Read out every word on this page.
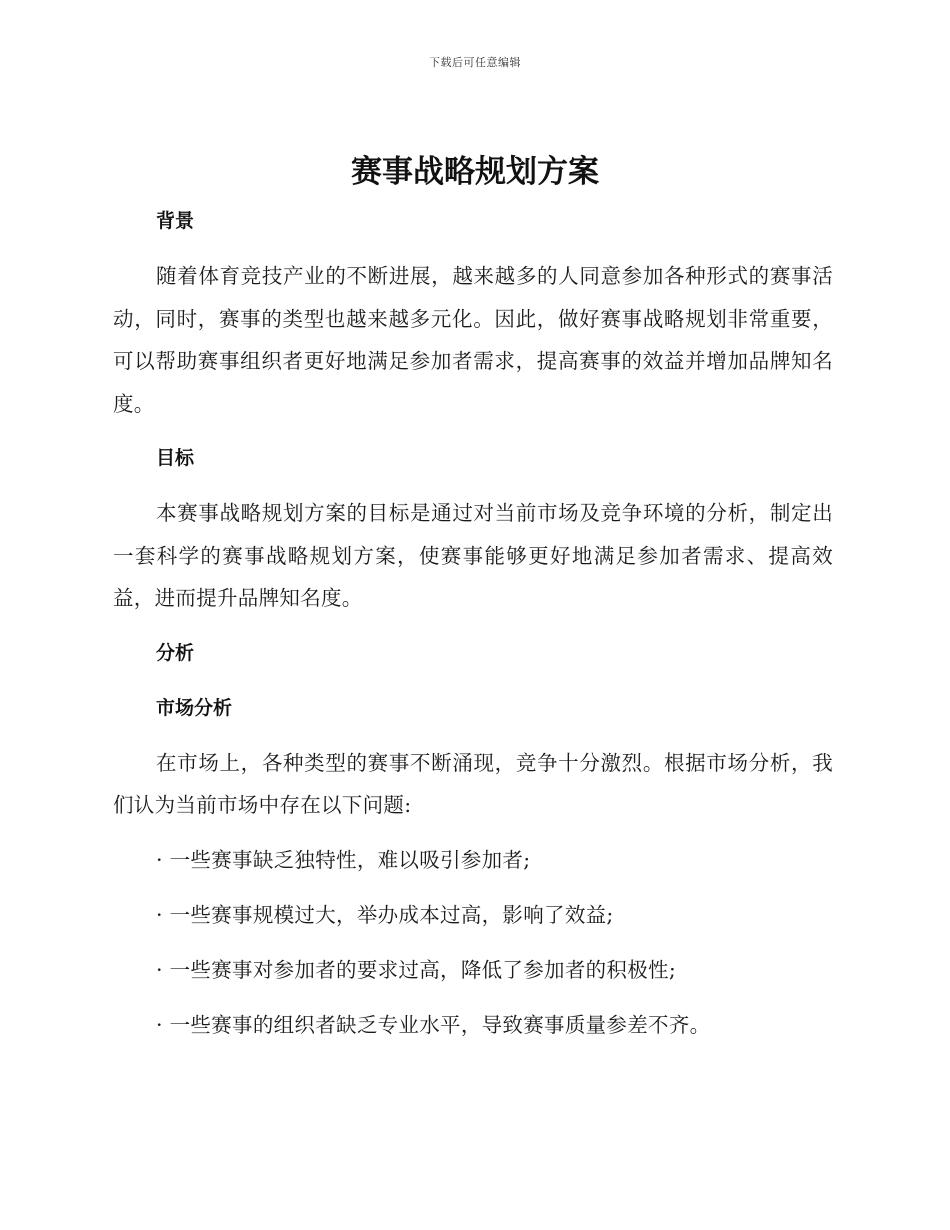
下载后可任意编辑
赛事战略规划方案

背景

随着体育竞技产业的不断进展，越来越多的人同意参加各种形式的赛事活动，同时，赛事的类型也越来越多元化。因此，做好赛事战略规划非常重要，可以帮助赛事组织者更好地满足参加者需求，提高赛事的效益并增加品牌知名度。

目标

本赛事战略规划方案的目标是通过对当前市场及竞争环境的分析，制定出一套科学的赛事战略规划方案，使赛事能够更好地满足参加者需求、提高效益，进而提升品牌知名度。

分析

市场分析

在市场上，各种类型的赛事不断涌现，竞争十分激烈。根据市场分析，我们认为当前市场中存在以下问题:

· 一些赛事缺乏独特性，难以吸引参加者;

· 一些赛事规模过大，举办成本过高，影响了效益;

· 一些赛事对参加者的要求过高，降低了参加者的积极性;

· 一些赛事的组织者缺乏专业水平，导致赛事质量参差不齐。
